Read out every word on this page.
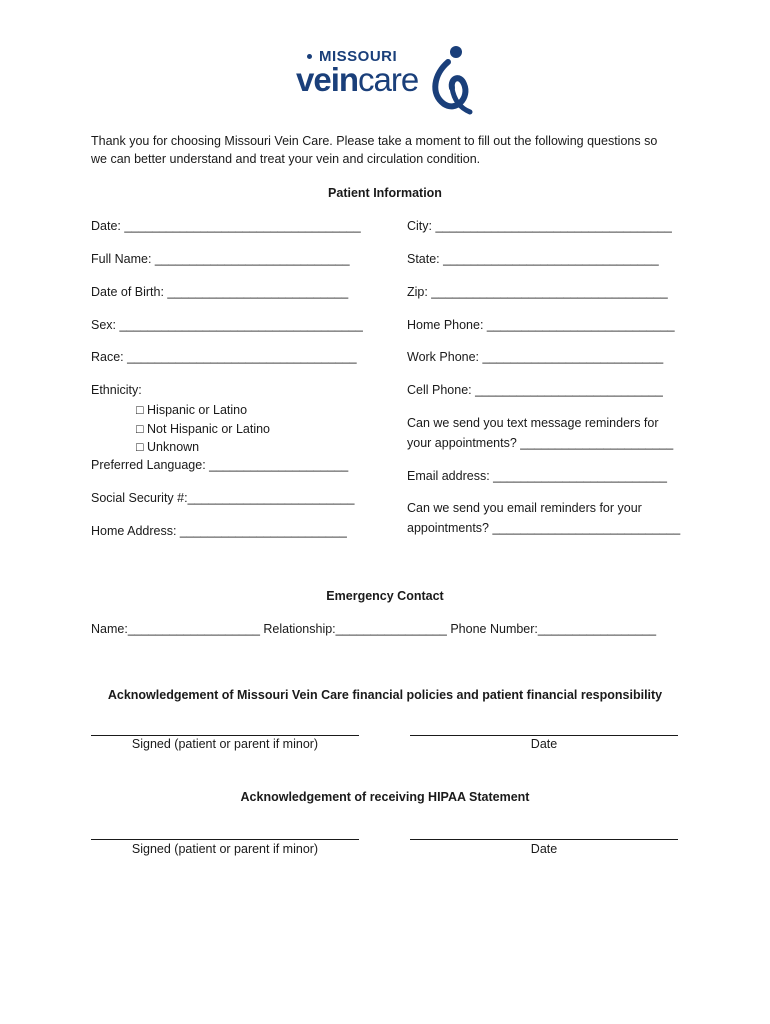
MISSOURI
veincare
Thank you for choosing Missouri Vein Care. Please take a moment to fill out the following questions so
we can better understand and treat your vein and circulation condition.
Patient Information
Date: __________________________________
Full Name: ____________________________
Date of Birth: __________________________
Sex: ___________________________________
Race: _________________________________
Ethnicity:
□ Hispanic or Latino
□ Not Hispanic or Latino
□ Unknown
Preferred Language: ____________________
Social Security #:________________________
Home Address: ________________________
City: __________________________________
State: _______________________________
Zip: __________________________________
Home Phone: ___________________________
Work Phone: __________________________
Cell Phone: ___________________________
Can we send you text message reminders for
your appointments? ______________________
Email address: _________________________
Can we send you email reminders for your
appointments? ___________________________
Emergency Contact
Name:___________________ Relationship:________________ Phone Number:_________________
Acknowledgement of Missouri Vein Care financial policies and patient financial responsibility
Signed (patient or parent if minor)	Date
Acknowledgement of receiving HIPAA Statement
Signed (patient or parent if minor)	Date
